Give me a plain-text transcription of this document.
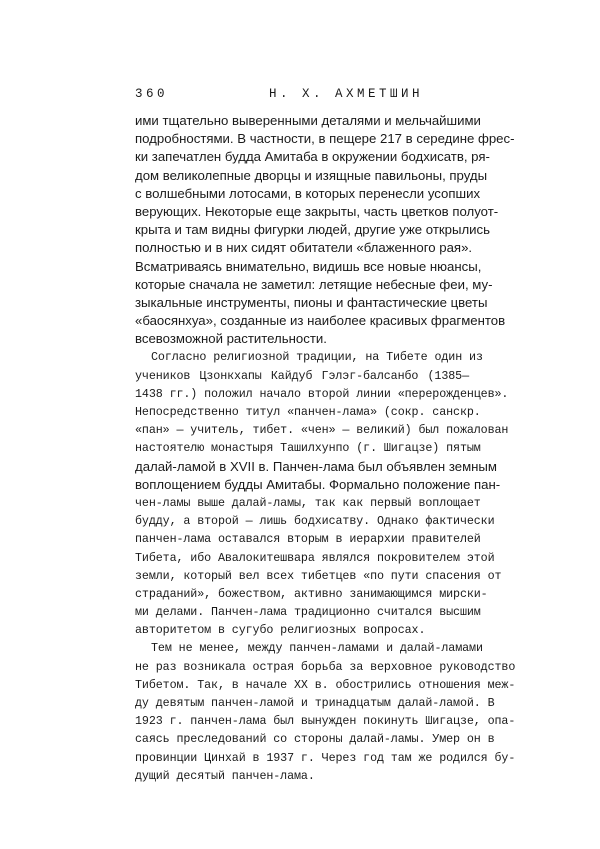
360	Н. Х. АХМЕТШИН
ими тщательно выверенными деталями и мельчайшими
подробностями. В частности, в пещере 217 в середине фрес-
ки запечатлен будда Амитаба в окружении бодхисатв, ря-
дом великолепные дворцы и изящные павильоны, пруды
с волшебными лотосами, в которых перенесли усопших
верующих. Некоторые еще закрыты, часть цветков полуот-
крыта и там видны фигурки людей, другие уже открылись
полностью и в них сидят обитатели «блаженного рая».
Всматриваясь внимательно, видишь все новые нюансы,
которые сначала не заметил: летящие небесные феи, му-
зыкальные инструменты, пионы и фантастические цветы
«баосянхуа», созданные из наиболее красивых фрагментов
всевозможной растительности.
Согласно религиозной традиции, на Тибете один из
учеников Цзонкхапы Кайдуб Гэлэг-балсанбо (1385—
1438 гг.) положил начало второй линии «перерожденцев».
Непосредственно титул «панчен-лама» (сокр. санскр.
«пан» — учитель, тибет. «чен» — великий) был пожалован
настоятелю монастыря Ташилхунпо (г. Шигацзе) пятым
далай-ламой в XVII в. Панчен-лама был объявлен земным
воплощением будды Амитабы. Формально положение пан-
чен-ламы выше далай-ламы, так как первый воплощает
будду, а второй — лишь бодхисатву. Однако фактически
панчен-лама оставался вторым в иерархии правителей
Тибета, ибо Авалокитешвара являлся покровителем этой
земли, который вел всех тибетцев «по пути спасения от
страданий», божеством, активно занимающимся мирски-
ми делами. Панчен-лама традиционно считался высшим
авторитетом в сугубо религиозных вопросах.
Тем не менее, между панчен-ламами и далай-ламами
не раз возникала острая борьба за верховное руководство
Тибетом. Так, в начале XX в. обострились отношения меж-
ду девятым панчен-ламой и тринадцатым далай-ламой. В
1923 г. панчен-лама был вынужден покинуть Шигацзе, опа-
саясь преследований со стороны далай-ламы. Умер он в
провинции Цинхай в 1937 г. Через год там же родился бу-
дущий десятый панчен-лама.
